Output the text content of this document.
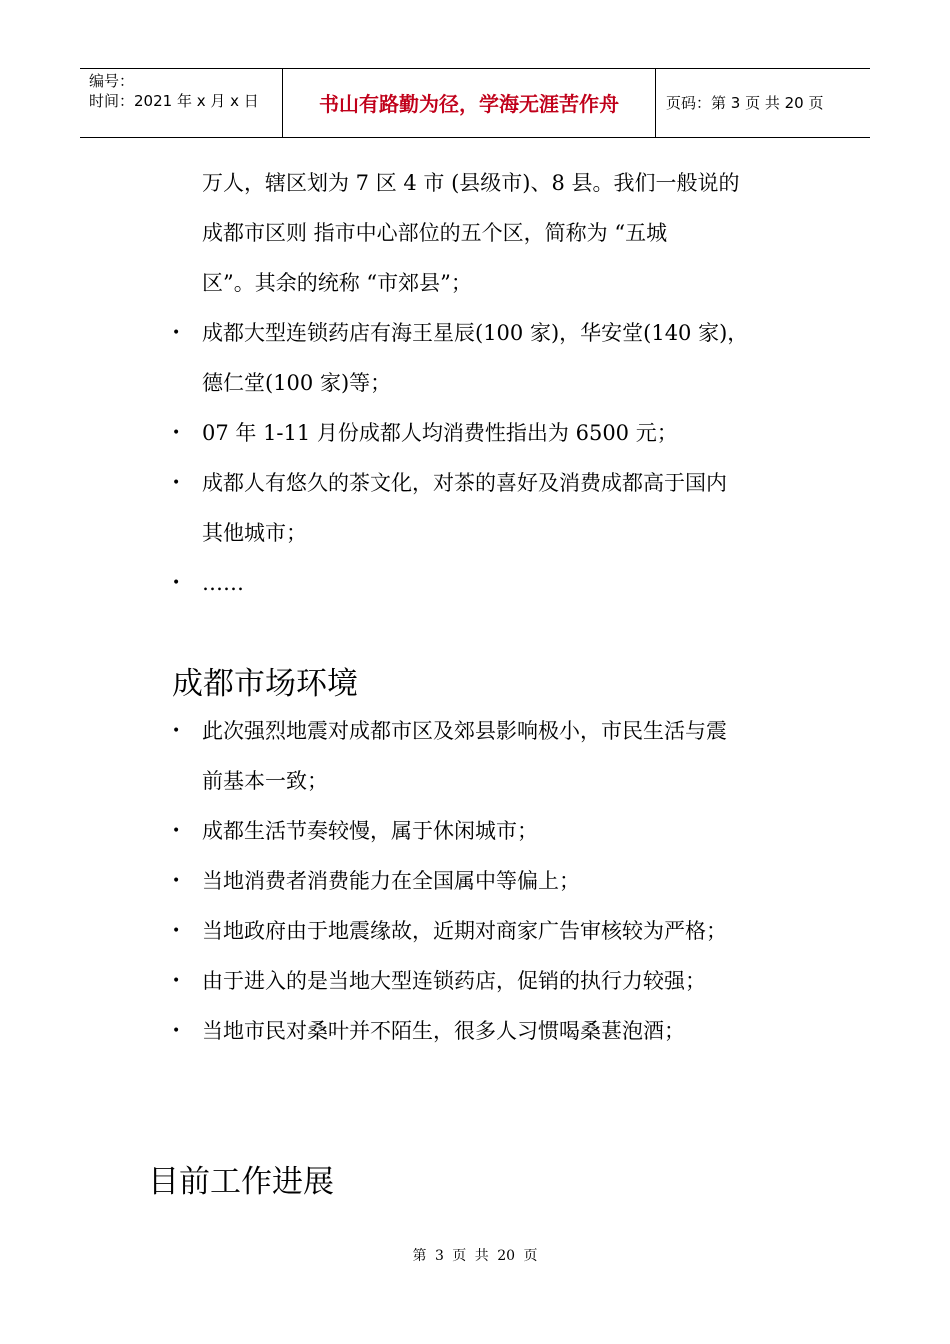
编号：
时间：2021 年 x 月 x 日	书山有路勤为径，学海无涯苦作舟	页码：第 3 页 共 20 页
万人，辖区划为 7 区 4 市 (县级市)、8 县。我们一般说的
成都市区则 指市中心部位的五个区，简称为 “五城
区”。其余的统称 “市郊县”；
• 成都大型连锁药店有海王星辰(100 家)，华安堂(140 家)，
德仁堂(100 家)等；
• 07 年 1-11 月份成都人均消费性指出为 6500 元；
• 成都人有悠久的茶文化，对茶的喜好及消费成都高于国内
其他城市；
• ……
成都市场环境
• 此次强烈地震对成都市区及郊县影响极小，市民生活与震
前基本一致；
• 成都生活节奏较慢，属于休闲城市；
• 当地消费者消费能力在全国属中等偏上；
• 当地政府由于地震缘故，近期对商家广告审核较为严格；
• 由于进入的是当地大型连锁药店，促销的执行力较强；
• 当地市民对桑叶并不陌生，很多人习惯喝桑葚泡酒；
目前工作进展
第 3 页 共 20 页
